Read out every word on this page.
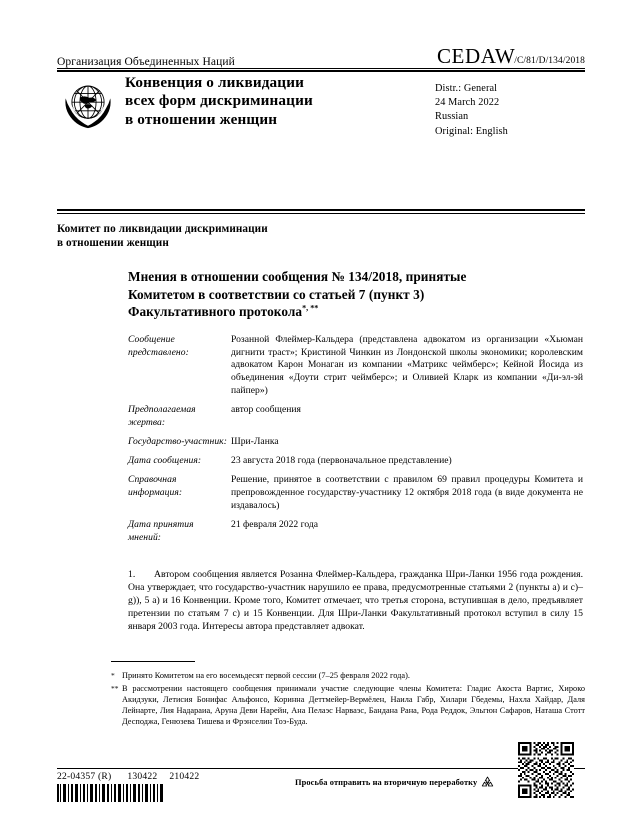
Организация Объединенных Наций	CEDAW /C/81/D/134/2018
Конвенция о ликвидации
всех форм дискриминации
в отношении женщин
Distr.: General
24 March 2022
Russian
Original: English
Комитет по ликвидации дискриминации
в отношении женщин
Мнения в отношении сообщения № 134/2018, принятые
Комитетом в соответствии со статьей 7 (пункт 3)
Факультативного протокола*, **
Сообщение представлено:
Розанной Флеймер-Кальдера (представлена адвокатом из организации «Хьюман дигнити траст»; Кристиной Чинкин из Лондонской школы экономики; королевским адвокатом Карон Монаган из компании «Матрикс чеймберс»; Кейной Йосида из объединения «Доути стрит чеймберс»; и Оливией Кларк из компании «Ди-эл-эй пайпер»)
Предполагаемая жертва:
автор сообщения
Государство-участник: Шри-Ланка
Дата сообщения:	23 августа 2018 года (первоначальное представление)
Справочная информация:
Решение, принятое в соответствии с правилом 69 правил процедуры Комитета и препровожденное государству-участнику 12 октября 2018 года (в виде документа не издавалось)
Дата принятия мнений:
21 февраля 2022 года
1. Автором сообщения является Розанна Флеймер-Кальдера, гражданка Шри-Ланки 1956 года рождения. Она утверждает, что государство-участник нарушило ее права, предусмотренные статьями 2 (пункты a) и c)–g)), 5 a) и 16 Конвенции. Кроме того, Комитет отмечает, что третья сторона, вступившая в дело, предъявляет претензии по статьям 7 c) и 15 Конвенции. Для Шри-Ланки Факультативный протокол вступил в силу 15 января 2003 года. Интересы автора представляет адвокат.
* Принято Комитетом на его восемьдесят первой сессии (7–25 февраля 2022 года).
** В рассмотрении настоящего сообщения принимали участие следующие члены Комитета: Гладис Акоста Вартис, Хироко Акидзуки, Летисия Бонифас Альфонсо, Коринна Деттмейер-Вермёлен, Наила Габр, Хилари Гбедемы, Нахла Хайдар, Даля Лейнарте, Лия Надараиа, Аруна Деви Нарейн, Ана Пелаэс Нарваэс, Бандана Рана, Рода Реддок, Эльгюн Сафаров, Наташа Стотт Десподжа, Генюзева Тишева и Фрэнселин Тоэ-Буда.
22-04357 (R) 130422 210422
Просьба отправить на вторичную переработку
